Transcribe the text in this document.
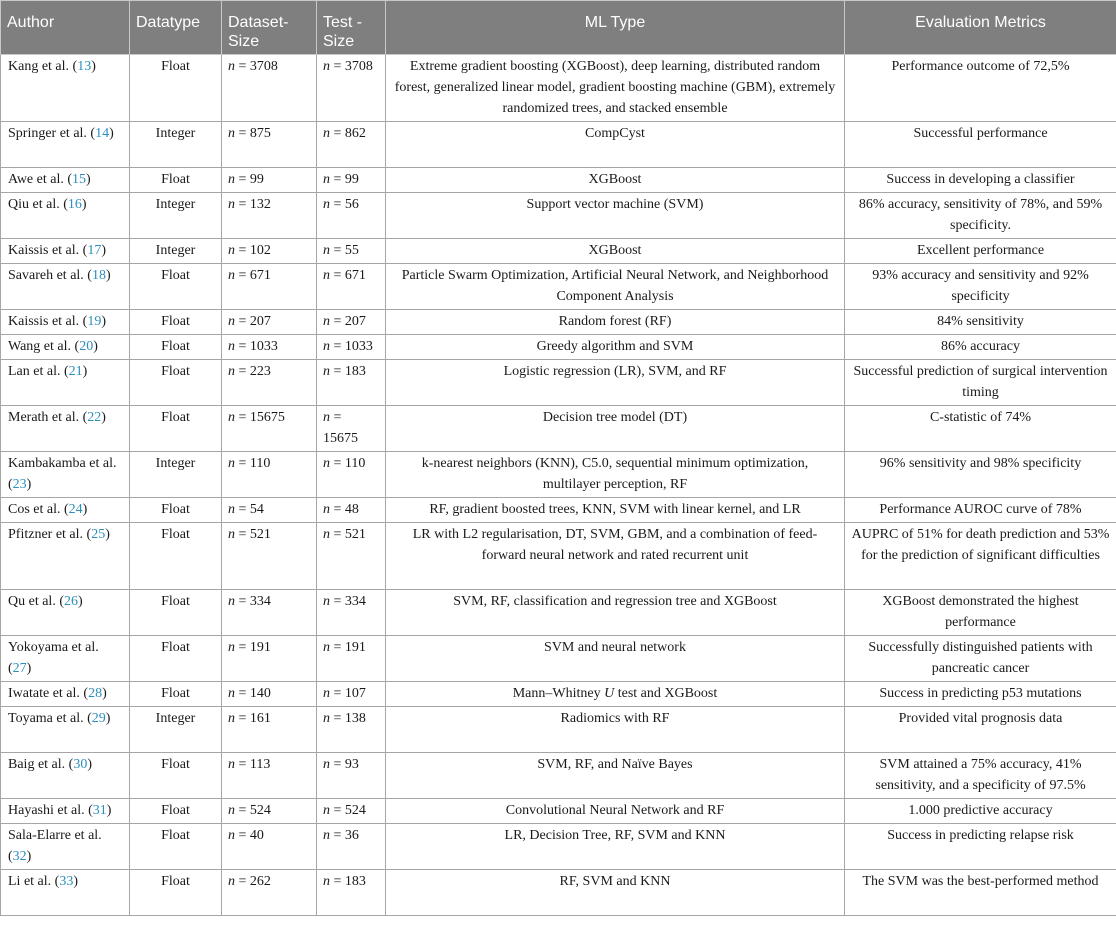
Author	Datatype	Dataset-Size	Test -Size	ML Type	Evaluation Metrics
Kang et al. (13)	Float	n = 3708	n = 3708	Extreme gradient boosting (XGBoost), deep learning, distributed random forest, generalized linear model, gradient boosting machine (GBM), extremely randomized trees, and stacked ensemble	Performance outcome of 72,5%
Springer et al. (14)	Integer	n = 875	n = 862	CompCyst	Successful performance
Awe et al. (15)	Float	n = 99	n = 99	XGBoost	Success in developing a classifier
Qiu et al. (16)	Integer	n = 132	n = 56	Support vector machine (SVM)	86% accuracy, sensitivity of 78%, and 59% specificity.
Kaissis et al. (17)	Integer	n = 102	n = 55	XGBoost	Excellent performance
Savareh et al. (18)	Float	n = 671	n = 671	Particle Swarm Optimization, Artificial Neural Network, and Neighborhood Component Analysis	93% accuracy and sensitivity and 92% specificity
Kaissis et al. (19)	Float	n = 207	n = 207	Random forest (RF)	84% sensitivity
Wang et al. (20)	Float	n = 1033	n = 1033	Greedy algorithm and SVM	86% accuracy
Lan et al. (21)	Float	n = 223	n = 183	Logistic regression (LR), SVM, and RF	Successful prediction of surgical intervention timing
Merath et al. (22)	Float	n = 15675	n = 15675	Decision tree model (DT)	C-statistic of 74%
Kambakamba et al. (23)	Integer	n = 110	n = 110	k-nearest neighbors (KNN), C5.0, sequential minimum optimization, multilayer perception, RF	96% sensitivity and 98% specificity
Cos et al. (24)	Float	n = 54	n = 48	RF, gradient boosted trees, KNN, SVM with linear kernel, and LR	Performance AUROC curve of 78%
Pfitzner et al. (25)	Float	n = 521	n = 521	LR with L2 regularisation, DT, SVM, GBM, and a combination of feed-forward neural network and rated recurrent unit	AUPRC of 51% for death prediction and 53% for the prediction of significant difficulties
Qu et al. (26)	Float	n = 334	n = 334	SVM, RF, classification and regression tree and XGBoost	XGBoost demonstrated the highest performance
Yokoyama et al. (27)	Float	n = 191	n = 191	SVM and neural network	Successfully distinguished patients with pancreatic cancer
Iwatate et al. (28)	Float	n = 140	n = 107	Mann–Whitney U test and XGBoost	Success in predicting p53 mutations
Toyama et al. (29)	Integer	n = 161	n = 138	Radiomics with RF	Provided vital prognosis data
Baig et al. (30)	Float	n = 113	n = 93	SVM, RF, and Naïve Bayes	SVM attained a 75% accuracy, 41% sensitivity, and a specificity of 97.5%
Hayashi et al. (31)	Float	n = 524	n = 524	Convolutional Neural Network and RF	1.000 predictive accuracy
Sala-Elarre et al. (32)	Float	n = 40	n = 36	LR, Decision Tree, RF, SVM and KNN	Success in predicting relapse risk
Li et al. (33)	Float	n = 262	n = 183	RF, SVM and KNN	The SVM was the best-performed method
